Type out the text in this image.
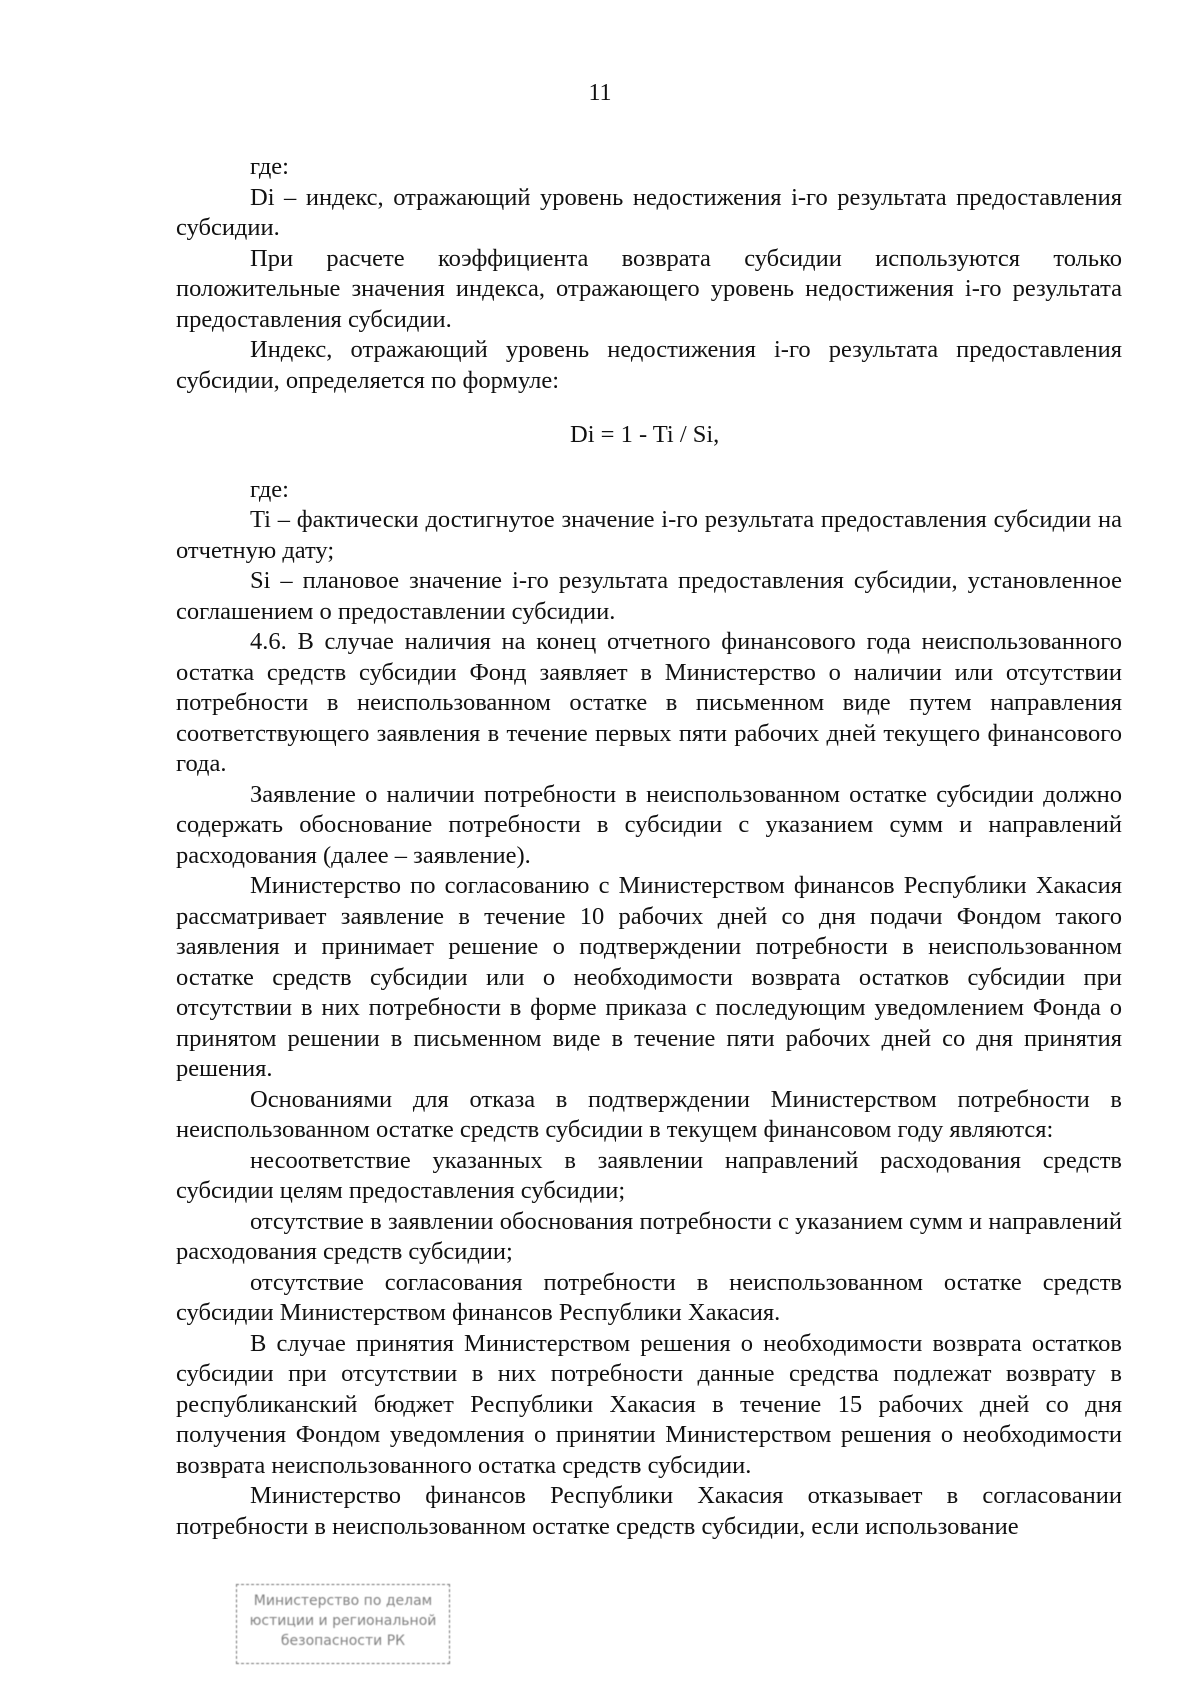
11

где:

Di – индекс, отражающий уровень недостижения i-го результата предоставления субсидии.

При расчете коэффициента возврата субсидии используются только положительные значения индекса, отражающего уровень недостижения i-го результата предоставления субсидии.

Индекс, отражающий уровень недостижения i-го результата предоставления субсидии, определяется по формуле:

Di = 1 - Ti / Si,

где:

Ti – фактически достигнутое значение i-го результата предоставления субсидии на отчетную дату;

Si – плановое значение i-го результата предоставления субсидии, установленное соглашением о предоставлении субсидии.

4.6. В случае наличия на конец отчетного финансового года неиспользованного остатка средств субсидии Фонд заявляет в Министерство о наличии или отсутствии потребности в неиспользованном остатке в письменном виде путем направления соответствующего заявления в течение первых пяти рабочих дней текущего финансового года.

Заявление о наличии потребности в неиспользованном остатке субсидии должно содержать обоснование потребности в субсидии с указанием сумм и направлений расходования (далее – заявление).

Министерство по согласованию с Министерством финансов Республики Хакасия рассматривает заявление в течение 10 рабочих дней со дня подачи Фондом такого заявления и принимает решение о подтверждении потребности в неиспользованном остатке средств субсидии или о необходимости возврата остатков субсидии при отсутствии в них потребности в форме приказа с последующим уведомлением Фонда о принятом решении в письменном виде в течение пяти рабочих дней со дня принятия решения.

Основаниями для отказа в подтверждении Министерством потребности в неиспользованном остатке средств субсидии в текущем финансовом году являются:

несоответствие указанных в заявлении направлений расходования средств субсидии целям предоставления субсидии;

отсутствие в заявлении обоснования потребности с указанием сумм и направлений расходования средств субсидии;

отсутствие согласования потребности в неиспользованном остатке средств субсидии Министерством финансов Республики Хакасия.

В случае принятия Министерством решения о необходимости возврата остатков субсидии при отсутствии в них потребности данные средства подлежат возврату в республиканский бюджет Республики Хакасия в течение 15 рабочих дней со дня получения Фондом уведомления о принятии Министерством решения о необходимости возврата неиспользованного остатка средств субсидии.

Министерство финансов Республики Хакасия отказывает в согласовании потребности в неиспользованном остатке средств субсидии, если использование

Министерство по делам
юстиции и региональной
безопасности РК
